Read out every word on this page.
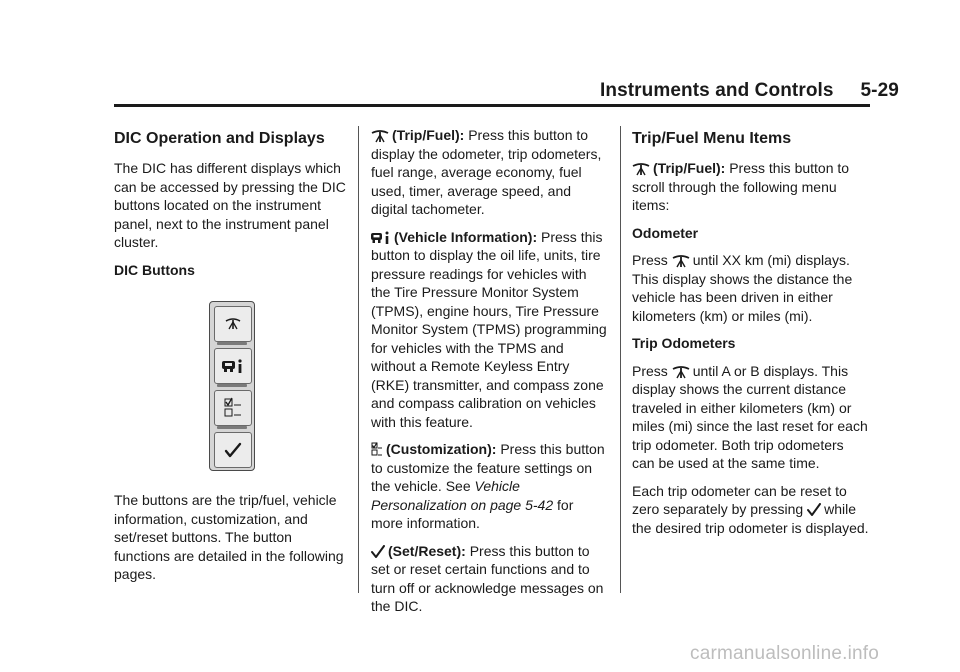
Instruments and Controls     5-29
DIC Operation and Displays

The DIC has different displays which can be accessed by pressing the DIC buttons located on the instrument panel, next to the instrument panel cluster.

DIC Buttons

The buttons are the trip/fuel, vehicle information, customization, and set/reset buttons. The button functions are detailed in the following pages.

(Trip/Fuel): Press this button to display the odometer, trip odometers, fuel range, average economy, fuel used, timer, average speed, and digital tachometer.

(Vehicle Information): Press this button to display the oil life, units, tire pressure readings for vehicles with the Tire Pressure Monitor System (TPMS), engine hours, Tire Pressure Monitor System (TPMS) programming for vehicles with the TPMS and without a Remote Keyless Entry (RKE) transmitter, and compass zone and compass calibration on vehicles with this feature.

(Customization): Press this button to customize the feature settings on the vehicle. See Vehicle Personalization on page 5-42 for more information.

(Set/Reset): Press this button to set or reset certain functions and to turn off or acknowledge messages on the DIC.

Trip/Fuel Menu Items

(Trip/Fuel): Press this button to scroll through the following menu items:

Odometer

Press until XX km (mi) displays. This display shows the distance the vehicle has been driven in either kilometers (km) or miles (mi).

Trip Odometers

Press until A or B displays. This display shows the current distance traveled in either kilometers (km) or miles (mi) since the last reset for each trip odometer. Both trip odometers can be used at the same time.

Each trip odometer can be reset to zero separately by pressing while the desired trip odometer is displayed.

carmanualsonline.info
